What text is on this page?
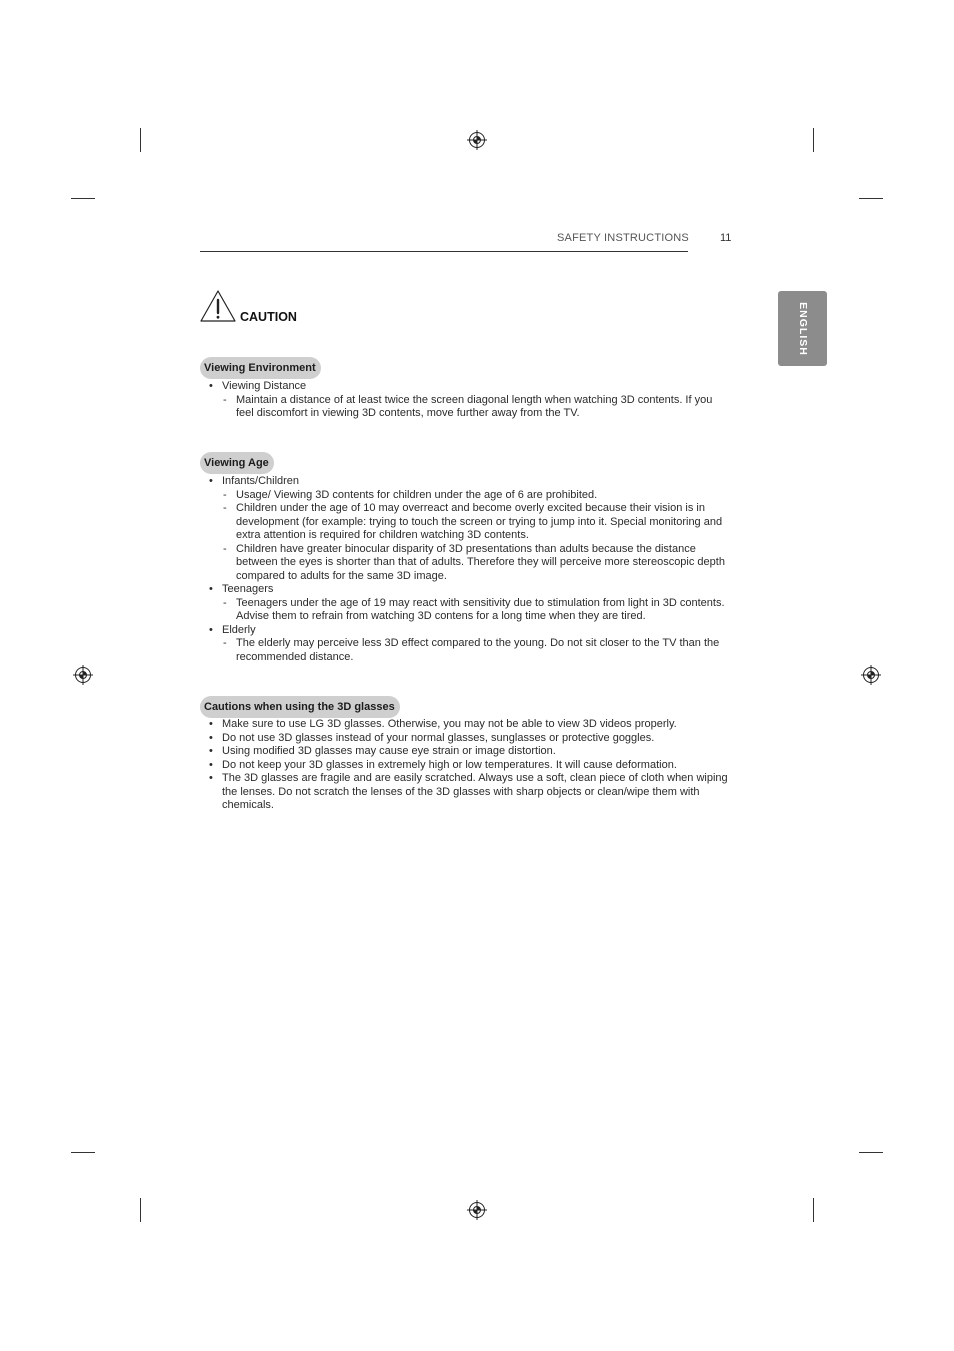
SAFETY INSTRUCTIONS	11
ENGLISH
CAUTION
Viewing Environment
• Viewing Distance
- Maintain a distance of at least twice the screen diagonal length when watching 3D contents. If you feel discomfort in viewing 3D contents, move further away from the TV.
Viewing Age
• Infants/Children
- Usage/ Viewing 3D contents for children under the age of 6 are prohibited.
- Children under the age of 10 may overreact and become overly excited because their vision is in development (for example: trying to touch the screen or trying to jump into it. Special monitoring and extra attention is required for children watching 3D contents.
- Children have greater binocular disparity of 3D presentations than adults because the distance between the eyes is shorter than that of adults. Therefore they will perceive more stereoscopic depth compared to adults for the same 3D image.
• Teenagers
- Teenagers under the age of 19 may react with sensitivity due to stimulation from light in 3D contents. Advise them to refrain from watching 3D contens for a long time when they are tired.
• Elderly
- The elderly may perceive less 3D effect compared to the young. Do not sit closer to the TV than the recommended distance.
Cautions when using the 3D glasses
• Make sure to use LG 3D glasses. Otherwise, you may not be able to view 3D videos properly.
• Do not use 3D glasses instead of your normal glasses, sunglasses or protective goggles.
• Using modified 3D glasses may cause eye strain or image distortion.
• Do not keep your 3D glasses in extremely high or low temperatures. It will cause deformation.
• The 3D glasses are fragile and are easily scratched. Always use a soft, clean piece of cloth when wiping the lenses. Do not scratch the lenses of the 3D glasses with sharp objects or clean/wipe them with chemicals.
